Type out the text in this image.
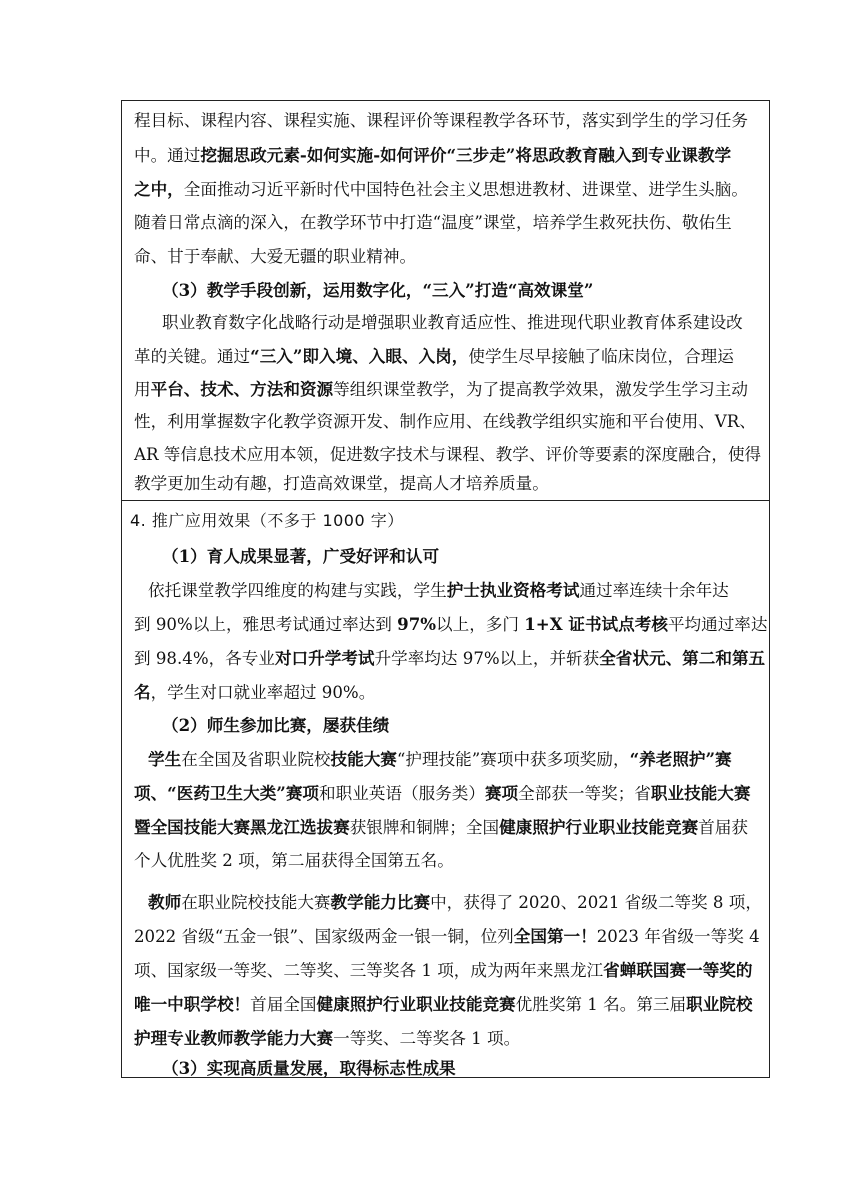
程目标、课程内容、课程实施、课程评价等课程教学各环节，落实到学生的学习任务
中。通过挖掘思政元素-如何实施-如何评价“三步走”将思政教育融入到专业课教学
之中，全面推动习近平新时代中国特色社会主义思想进教材、进课堂、进学生头脑。
随着日常点滴的深入，在教学环节中打造“温度”课堂，培养学生救死扶伤、敬佑生
命、甘于奉献、大爱无疆的职业精神。
（3）教学手段创新，运用数字化，“三入”打造“高效课堂”
职业教育数字化战略行动是增强职业教育适应性、推进现代职业教育体系建设改
革的关键。通过“三入”即入境、入眼、入岗，使学生尽早接触了临床岗位，合理运
用平台、技术、方法和资源等组织课堂教学，为了提高教学效果，激发学生学习主动
性，利用掌握数字化教学资源开发、制作应用、在线教学组织实施和平台使用、VR、
AR 等信息技术应用本领，促进数字技术与课程、教学、评价等要素的深度融合，使得
教学更加生动有趣，打造高效课堂，提高人才培养质量。
4. 推广应用效果（不多于 1000 字）
（1）育人成果显著，广受好评和认可
依托课堂教学四维度的构建与实践，学生护士执业资格考试通过率连续十余年达
到 90%以上，雅思考试通过率达到 97%以上，多门 1+X 证书试点考核平均通过率达
到 98.4%，各专业对口升学考试升学率均达 97%以上，并斩获全省状元、第二和第五
名，学生对口就业率超过 90%。
（2）师生参加比赛，屡获佳绩
学生在全国及省职业院校技能大赛“护理技能”赛项中获多项奖励，“养老照护”赛
项、“医药卫生大类”赛项和职业英语（服务类）赛项全部获一等奖；省职业技能大赛
暨全国技能大赛黑龙江选拔赛获银牌和铜牌；全国健康照护行业职业技能竞赛首届获
个人优胜奖 2 项，第二届获得全国第五名。
教师在职业院校技能大赛教学能力比赛中，获得了 2020、2021 省级二等奖 8 项，
2022 省级“五金一银”、国家级两金一银一铜，位列全国第一！2023 年省级一等奖 4
项、国家级一等奖、二等奖、三等奖各 1 项，成为两年来黑龙江省蝉联国赛一等奖的
唯一中职学校！首届全国健康照护行业职业技能竞赛优胜奖第 1 名。第三届职业院校
护理专业教师教学能力大赛一等奖、二等奖各 1 项。
（3）实现高质量发展，取得标志性成果
